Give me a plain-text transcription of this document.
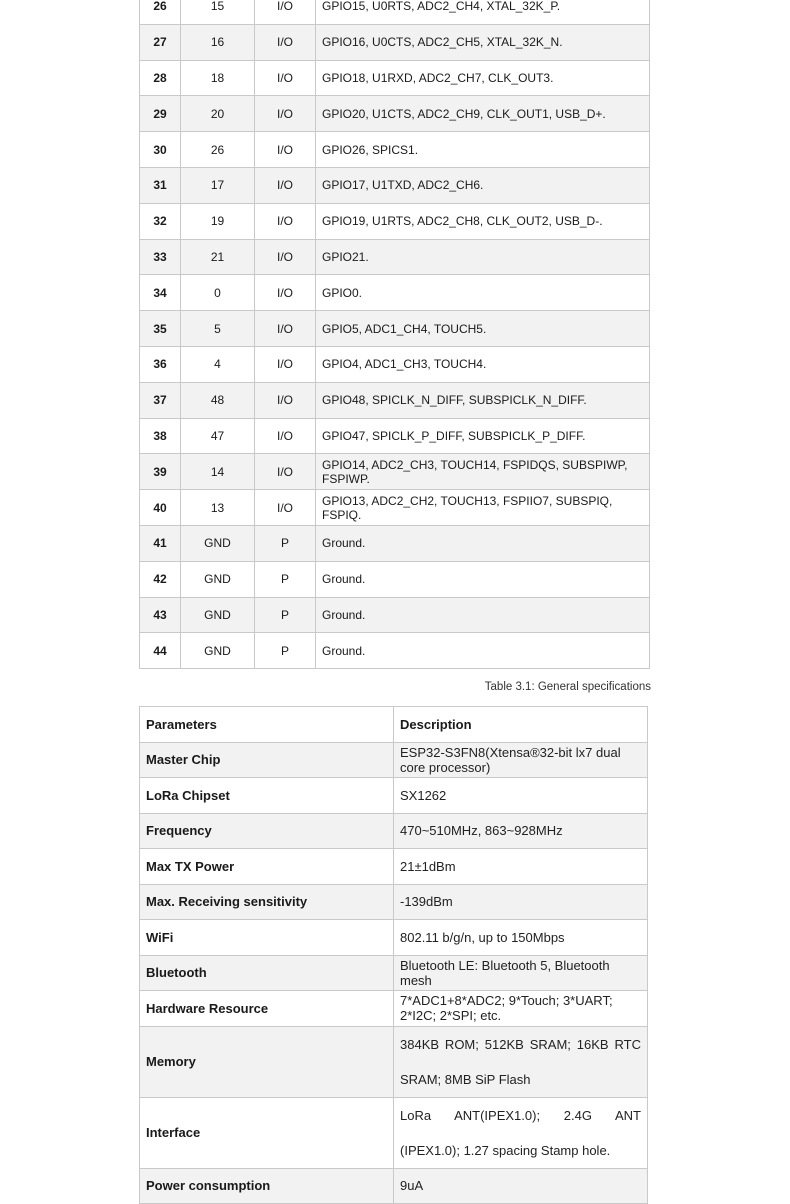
26	15	I/O	GPIO15, U0RTS, ADC2_CH4, XTAL_32K_P.
27	16	I/O	GPIO16, U0CTS, ADC2_CH5, XTAL_32K_N.
28	18	I/O	GPIO18, U1RXD, ADC2_CH7, CLK_OUT3.
29	20	I/O	GPIO20, U1CTS, ADC2_CH9, CLK_OUT1, USB_D+.
30	26	I/O	GPIO26, SPICS1.
31	17	I/O	GPIO17, U1TXD, ADC2_CH6.
32	19	I/O	GPIO19, U1RTS, ADC2_CH8, CLK_OUT2, USB_D-.
33	21	I/O	GPIO21.
34	0	I/O	GPIO0.
35	5	I/O	GPIO5, ADC1_CH4, TOUCH5.
36	4	I/O	GPIO4, ADC1_CH3, TOUCH4.
37	48	I/O	GPIO48, SPICLK_N_DIFF, SUBSPICLK_N_DIFF.
38	47	I/O	GPIO47, SPICLK_P_DIFF, SUBSPICLK_P_DIFF.
39	14	I/O	GPIO14, ADC2_CH3, TOUCH14, FSPIDQS, SUBSPIWP, FSPIWP.
40	13	I/O	GPIO13, ADC2_CH2, TOUCH13, FSPIIO7, SUBSPIQ, FSPIQ.
41	GND	P	Ground.
42	GND	P	Ground.
43	GND	P	Ground.
44	GND	P	Ground.
Table 3.1: General specifications
Parameters	Description
Master Chip	ESP32-S3FN8(Xtensa®32-bit lx7 dual core processor)
LoRa Chipset	SX1262
Frequency	470~510MHz, 863~928MHz
Max TX Power	21±1dBm
Max. Receiving sensitivity	-139dBm
WiFi	802.11 b/g/n, up to 150Mbps
Bluetooth	Bluetooth LE: Bluetooth 5, Bluetooth mesh
Hardware Resource	7*ADC1+8*ADC2; 9*Touch; 3*UART; 2*I2C; 2*SPI; etc.
Memory	384KB ROM; 512KB SRAM; 16KB RTC SRAM; 8MB SiP Flash
Interface	LoRa ANT(IPEX1.0); 2.4G ANT (IPEX1.0); 1.27 spacing Stamp hole.
Power consumption	9uA
